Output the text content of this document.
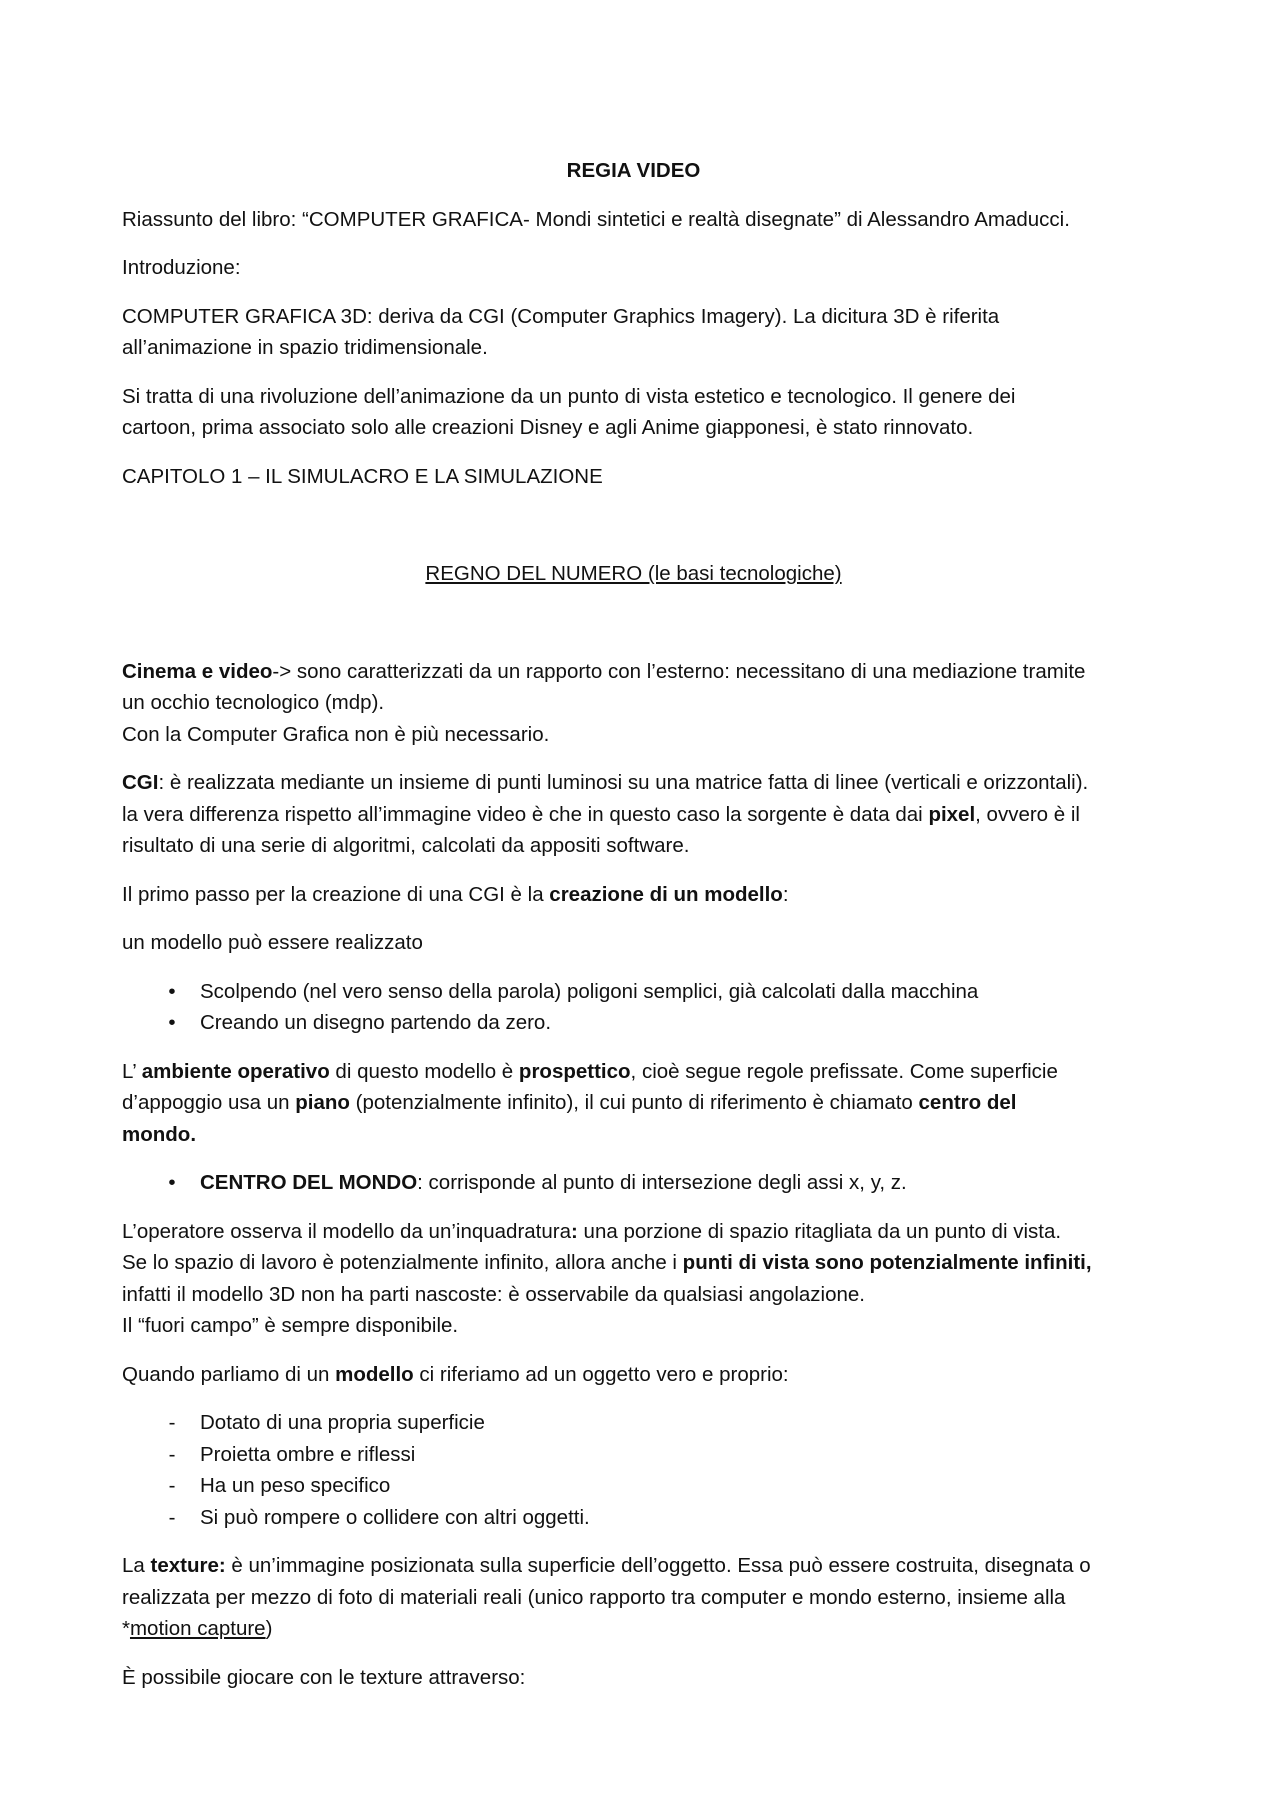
REGIA VIDEO

Riassunto del libro: “COMPUTER GRAFICA- Mondi sintetici e realtà disegnate” di Alessandro Amaducci.

Introduzione:

COMPUTER GRAFICA 3D: deriva da CGI (Computer Graphics Imagery). La dicitura 3D è riferita
all’animazione in spazio tridimensionale.

Si tratta di una rivoluzione dell’animazione da un punto di vista estetico e tecnologico. Il genere dei
cartoon, prima associato solo alle creazioni Disney e agli Anime giapponesi, è stato rinnovato.

CAPITOLO 1 – IL SIMULACRO E LA SIMULAZIONE

REGNO DEL NUMERO (le basi tecnologiche)

Cinema e video-> sono caratterizzati da un rapporto con l’esterno: necessitano di una mediazione tramite
un occhio tecnologico (mdp).
Con la Computer Grafica non è più necessario.

CGI: è realizzata mediante un insieme di punti luminosi su una matrice fatta di linee (verticali e orizzontali).
la vera differenza rispetto all’immagine video è che in questo caso la sorgente è data dai pixel, ovvero è il
risultato di una serie di algoritmi, calcolati da appositi software.

Il primo passo per la creazione di una CGI è la creazione di un modello:

un modello può essere realizzato

•	Scolpendo (nel vero senso della parola) poligoni semplici, già calcolati dalla macchina
•	Creando un disegno partendo da zero.

L’ ambiente operativo di questo modello è prospettico, cioè segue regole prefissate. Come superficie
d’appoggio usa un piano (potenzialmente infinito), il cui punto di riferimento è chiamato centro del
mondo.

•	CENTRO DEL MONDO: corrisponde al punto di intersezione degli assi x, y, z.

L’operatore osserva il modello da un’inquadratura: una porzione di spazio ritagliata da un punto di vista.
Se lo spazio di lavoro è potenzialmente infinito, allora anche i punti di vista sono potenzialmente infiniti,
infatti il modello 3D non ha parti nascoste: è osservabile da qualsiasi angolazione.
Il “fuori campo” è sempre disponibile.

Quando parliamo di un modello ci riferiamo ad un oggetto vero e proprio:

-	Dotato di una propria superficie
-	Proietta ombre e riflessi
-	Ha un peso specifico
-	Si può rompere o collidere con altri oggetti.

La texture: è un’immagine posizionata sulla superficie dell’oggetto. Essa può essere costruita, disegnata o
realizzata per mezzo di foto di materiali reali (unico rapporto tra computer e mondo esterno, insieme alla
*motion capture)

È possibile giocare con le texture attraverso:
